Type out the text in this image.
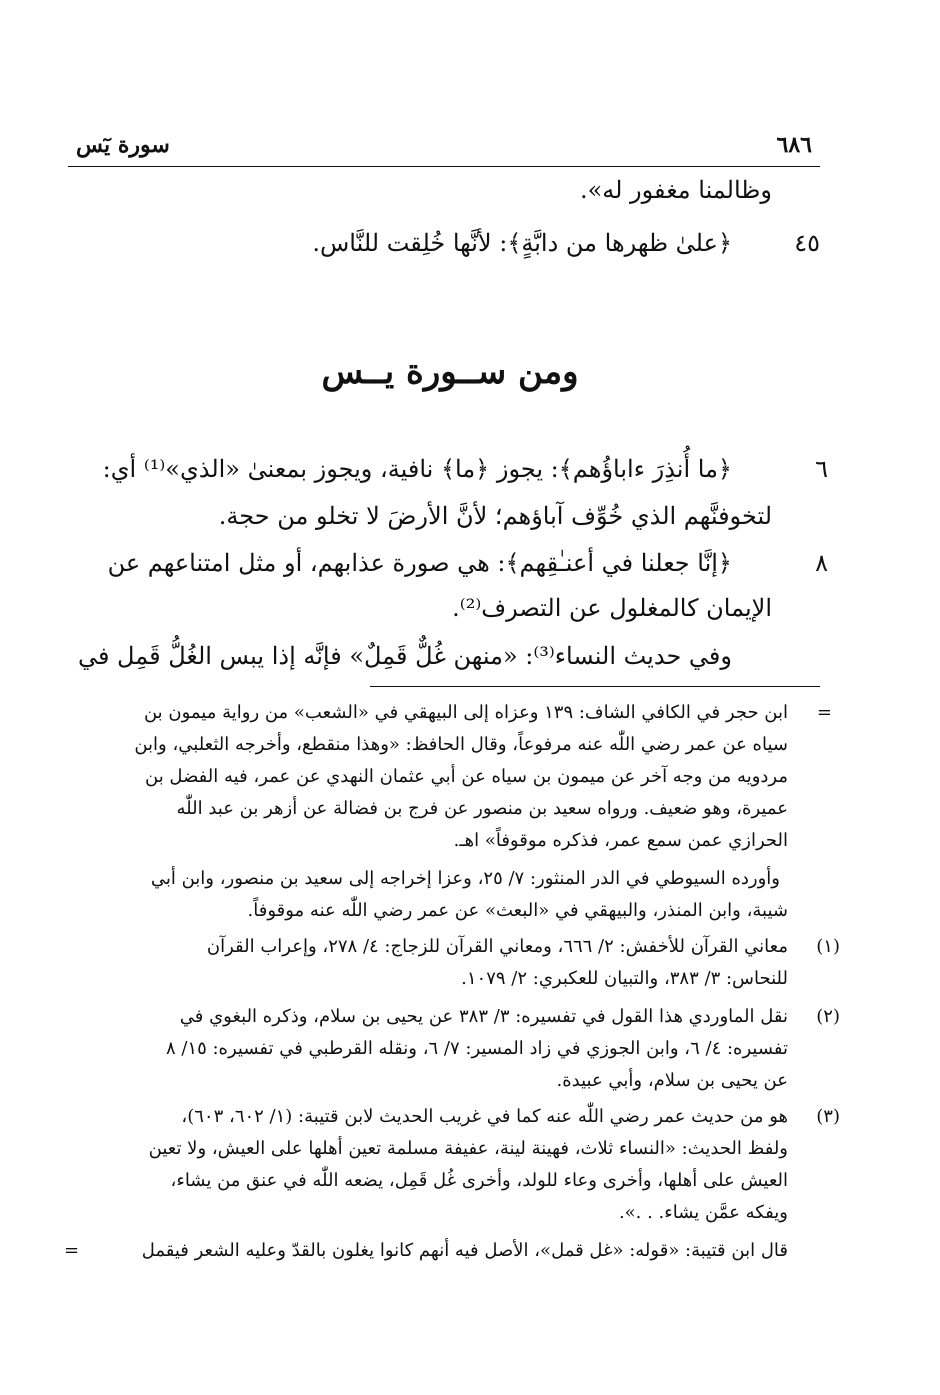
٦٨٦
سورة يٓس
وظالمنا مغفور له».
٤٥
﴿علىٰ ظهرها من دابَّةٍ﴾: لأنَّها خُلِقت للنَّاس.
ومن ســورة يــس
٦
﴿ما أُنذِرَ ءاباؤُهم﴾: يجوز ﴿ما﴾ نافية، ويجوز بمعنىٰ «الذي»⁽¹⁾ أي:
لتخوفنَّهم الذي خُوِّف آباؤهم؛ لأنَّ الأرضَ لا تخلو من حجة.
٨
﴿إنَّا جعلنا في أعنـٰقِهم﴾: هي صورة عذابهم، أو مثل امتناعهم عن
الإيمان كالمغلول عن التصرف⁽²⁾.
وفي حديث النساء⁽³⁾: «منهن غُلٌّ قَمِلٌ» فإنَّه إذا يبس الغُلُّ قَمِل في
=
ابن حجر في الكافي الشاف: ١٣٩ وعزاه إلى البيهقي في «الشعب» من رواية ميمون بن
سياه عن عمر رضي اللّٰه عنه مرفوعاً، وقال الحافظ: «وهذا منقطع، وأخرجه الثعلبي، وابن
مردويه من وجه آخر عن ميمون بن سياه عن أبي عثمان النهدي عن عمر، فيه الفضل بن
عميرة، وهو ضعيف. ورواه سعيد بن منصور عن فرج بن فضالة عن أزهر بن عبد اللّٰه
الحرازي عمن سمع عمر، فذكره موقوفاً» اهـ.
وأورده السيوطي في الدر المنثور: ٧/ ٢٥، وعزا إخراجه إلى سعيد بن منصور، وابن أبي
شيبة، وابن المنذر، والبيهقي في «البعث» عن عمر رضي اللّٰه عنه موقوفاً.
(١)
معاني القرآن للأخفش: ٢/ ٦٦٦، ومعاني القرآن للزجاج: ٤/ ٢٧٨، وإعراب القرآن
للنحاس: ٣/ ٣٨٣، والتبيان للعكبري: ٢/ ١٠٧٩.
(٢)
نقل الماوردي هذا القول في تفسيره: ٣/ ٣٨٣ عن يحيى بن سلام، وذكره البغوي في
تفسيره: ٤/ ٦، وابن الجوزي في زاد المسير: ٧/ ٦، ونقله القرطبي في تفسيره: ١٥/ ٨
عن يحيى بن سلام، وأبي عبيدة.
(٣)
هو من حديث عمر رضي اللّٰه عنه كما في غريب الحديث لابن قتيبة: (١/ ٦٠٢، ٦٠٣)،
ولفظ الحديث: «النساء ثلاث، فهينة لينة، عفيفة مسلمة تعين أهلها على العيش، ولا تعين
العيش على أهلها، وأخرى وعاء للولد، وأخرى غُل قَمِل، يضعه اللّٰه في عنق من يشاء،
ويفكه عمَّن يشاء. . .».
قال ابن قتيبة: «قوله: «غل قمل»، الأصل فيه أنهم كانوا يغلون بالقدّ وعليه الشعر فيقمل
=
